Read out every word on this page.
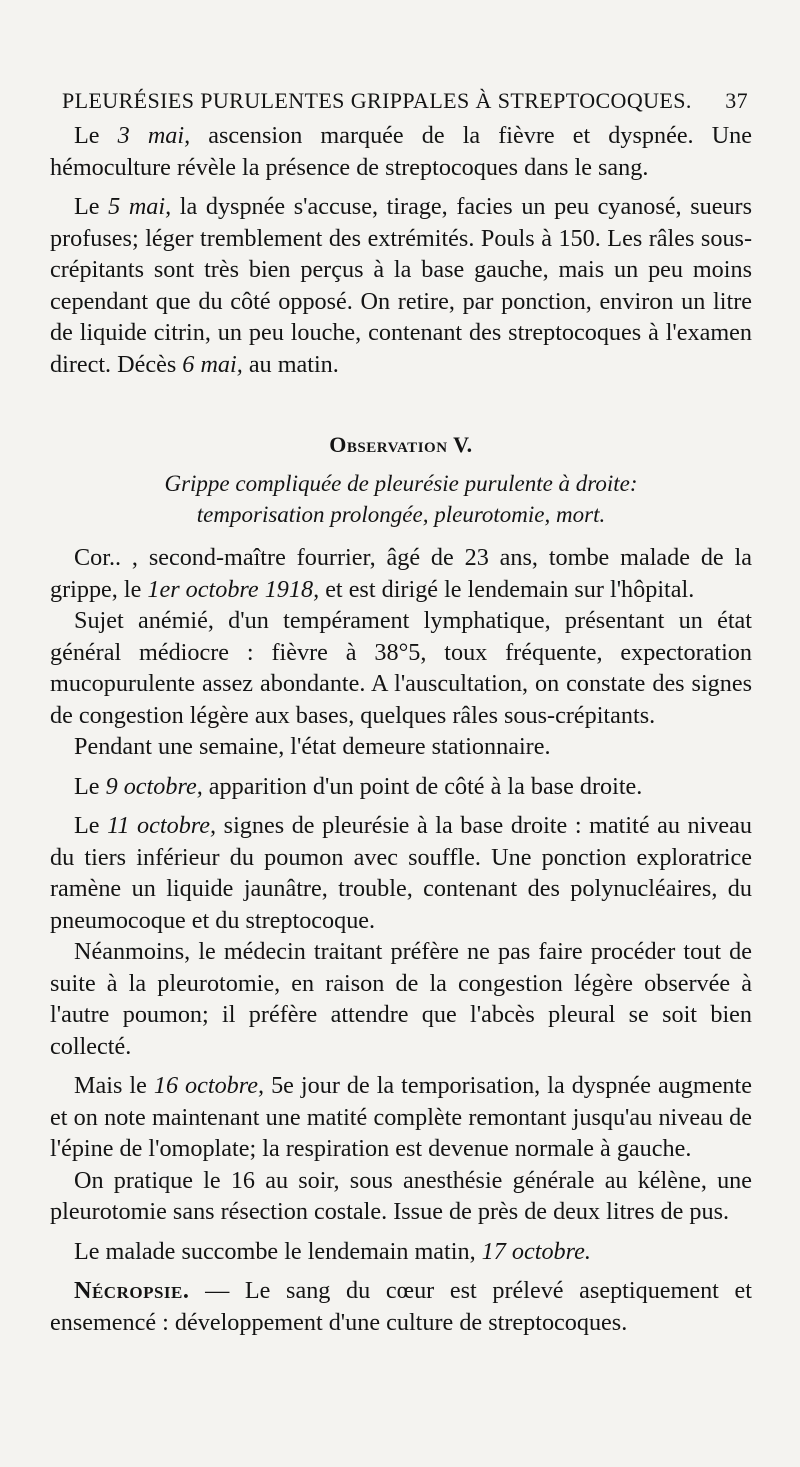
PLEURÉSIES PURULENTES GRIPPALES À STREPTOCOQUES. 37

Le 3 mai, ascension marquée de la fièvre et dyspnée. Une hémoculture révèle la présence de streptocoques dans le sang.

Le 5 mai, la dyspnée s'accuse, tirage, facies un peu cyanosé, sueurs profuses; léger tremblement des extrémités. Pouls à 150. Les râles sous-crépitants sont très bien perçus à la base gauche, mais un peu moins cependant que du côté opposé. On retire, par ponction, environ un litre de liquide citrin, un peu louche, contenant des streptocoques à l'examen direct. Décès 6 mai, au matin.

Observation V.
Grippe compliquée de pleurésie purulente à droite:
temporisation prolongée, pleurotomie, mort.

Cor.. , second-maître fourrier, âgé de 23 ans, tombe malade de la grippe, le 1er octobre 1918, et est dirigé le lendemain sur l'hôpital.

Sujet anémié, d'un tempérament lymphatique, présentant un état général médiocre : fièvre à 38°5, toux fréquente, expectoration mucopurulente assez abondante. A l'auscultation, on constate des signes de congestion légère aux bases, quelques râles sous-crépitants.

Pendant une semaine, l'état demeure stationnaire.

Le 9 octobre, apparition d'un point de côté à la base droite.

Le 11 octobre, signes de pleurésie à la base droite : matité au niveau du tiers inférieur du poumon avec souffle. Une ponction exploratrice ramène un liquide jaunâtre, trouble, contenant des polynucléaires, du pneumocoque et du streptocoque.

Néanmoins, le médecin traitant préfère ne pas faire procéder tout de suite à la pleurotomie, en raison de la congestion légère observée à l'autre poumon; il préfère attendre que l'abcès pleural se soit bien collecté.

Mais le 16 octobre, 5e jour de la temporisation, la dyspnée augmente et on note maintenant une matité complète remontant jusqu'au niveau de l'épine de l'omoplate; la respiration est devenue normale à gauche.

On pratique le 16 au soir, sous anesthésie générale au kélène, une pleurotomie sans résection costale. Issue de près de deux litres de pus.

Le malade succombe le lendemain matin, 17 octobre.

Nécropsie. — Le sang du cœur est prélevé aseptiquement et ensemencé : développement d'une culture de streptocoques.
